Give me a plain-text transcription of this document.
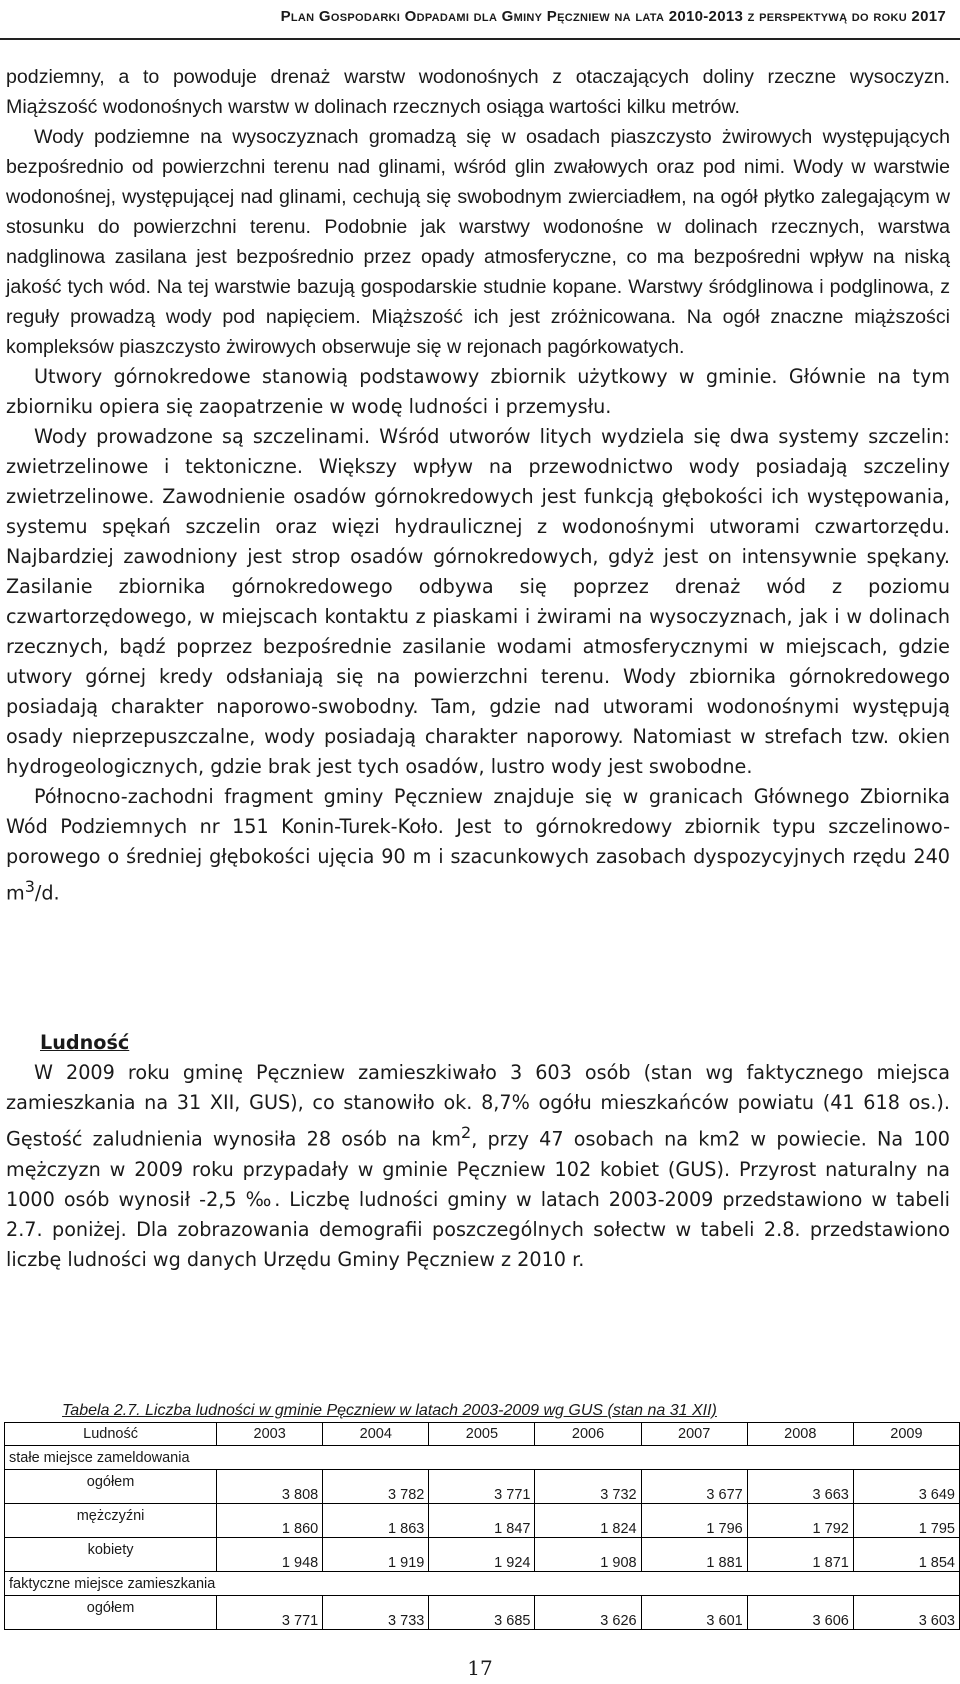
Plan Gospodarki Odpadami dla Gminy Pęczniew na lata 2010-2013 z perspektywą do roku 2017

podziemny, a to powoduje drenaż warstw wodonośnych z otaczających doliny rzeczne wysoczyzn. Miąższość wodonośnych warstw w dolinach rzecznych osiąga wartości kilku metrów.

Wody podziemne na wysoczyznach gromadzą się w osadach piaszczysto żwirowych występujących bezpośrednio od powierzchni terenu nad glinami, wśród glin zwałowych oraz pod nimi. Wody w warstwie wodonośnej, występującej nad glinami, cechują się swobodnym zwierciadłem, na ogół płytko zalegającym w stosunku do powierzchni terenu. Podobnie jak warstwy wodonośne w dolinach rzecznych, warstwa nadglinowa zasilana jest bezpośrednio przez opady atmosferyczne, co ma bezpośredni wpływ na niską jakość tych wód. Na tej warstwie bazują gospodarskie studnie kopane. Warstwy śródglinowa i podglinowa, z reguły prowadzą wody pod napięciem. Miąższość ich jest zróżnicowana. Na ogół znaczne miąższości kompleksów piaszczysto żwirowych obserwuje się w rejonach pagórkowatych.

Utwory górnokredowe stanowią podstawowy zbiornik użytkowy w gminie. Głównie na tym zbiorniku opiera się zaopatrzenie w wodę ludności i przemysłu.

Wody prowadzone są szczelinami. Wśród utworów litych wydziela się dwa systemy szczelin: zwietrzelinowe i tektoniczne. Większy wpływ na przewodnictwo wody posiadają szczeliny zwietrzelinowe. Zawodnienie osadów górnokredowych jest funkcją głębokości ich występowania, systemu spękań szczelin oraz więzi hydraulicznej z wodonośnymi utworami czwartorzędu. Najbardziej zawodniony jest strop osadów górnokredowych, gdyż jest on intensywnie spękany. Zasilanie zbiornika górnokredowego odbywa się poprzez drenaż wód z poziomu czwartorzędowego, w miejscach kontaktu z piaskami i żwirami na wysoczyznach, jak i w dolinach rzecznych, bądź poprzez bezpośrednie zasilanie wodami atmosferycznymi w miejscach, gdzie utwory górnej kredy odsłaniają się na powierzchni terenu. Wody zbiornika górnokredowego posiadają charakter naporowo-swobodny. Tam, gdzie nad utworami wodonośnymi występują osady nieprzepuszczalne, wody posiadają charakter naporowy. Natomiast w strefach tzw. okien hydrogeologicznych, gdzie brak jest tych osadów, lustro wody jest swobodne.

Północno-zachodni fragment gminy Pęczniew znajduje się w granicach Głównego Zbiornika Wód Podziemnych nr 151 Konin-Turek-Koło. Jest to górnokredowy zbiornik typu szczelinowo-porowego o średniej głębokości ujęcia 90 m i szacunkowych zasobach dyspozycyjnych rzędu 240 $m^3/d$.

Ludność

W 2009 roku gminę Pęczniew zamieszkiwało 3 603 osób (stan wg faktycznego miejsca zamieszkania na 31 XII, GUS), co stanowiło ok. 8,7% ogółu mieszkańców powiatu (41 618 os.). Gęstość zaludnienia wynosiła 28 osób na $km^2$, przy 47 osobach na km2 w powiecie. Na 100 mężczyzn w 2009 roku przypadały w gminie Pęczniew 102 kobiet (GUS). Przyrost naturalny na 1000 osób wynosił -2,5 ‰. Liczbę ludności gminy w latach 2003-2009 przedstawiono w tabeli 2.7. poniżej. Dla zobrazowania demografii poszczególnych sołectw w tabeli 2.8. przedstawiono liczbę ludności wg danych Urzędu Gminy Pęczniew z 2010 r.

Tabela 2.7. Liczba ludności w gminie Pęczniew w latach 2003-2009 wg GUS (stan na 31 XII)
Ludność	2003	2004	2005	2006	2007	2008	2009
stałe miejsce zameldowania							
ogółem	3 808	3 782	3 771	3 732	3 677	3 663	3 649
mężczyźni	1 860	1 863	1 847	1 824	1 796	1 792	1 795
kobiety	1 948	1 919	1 924	1 908	1 881	1 871	1 854
faktyczne miejsce zamieszkania							
ogółem	3 771	3 733	3 685	3 626	3 601	3 606	3 603
17
